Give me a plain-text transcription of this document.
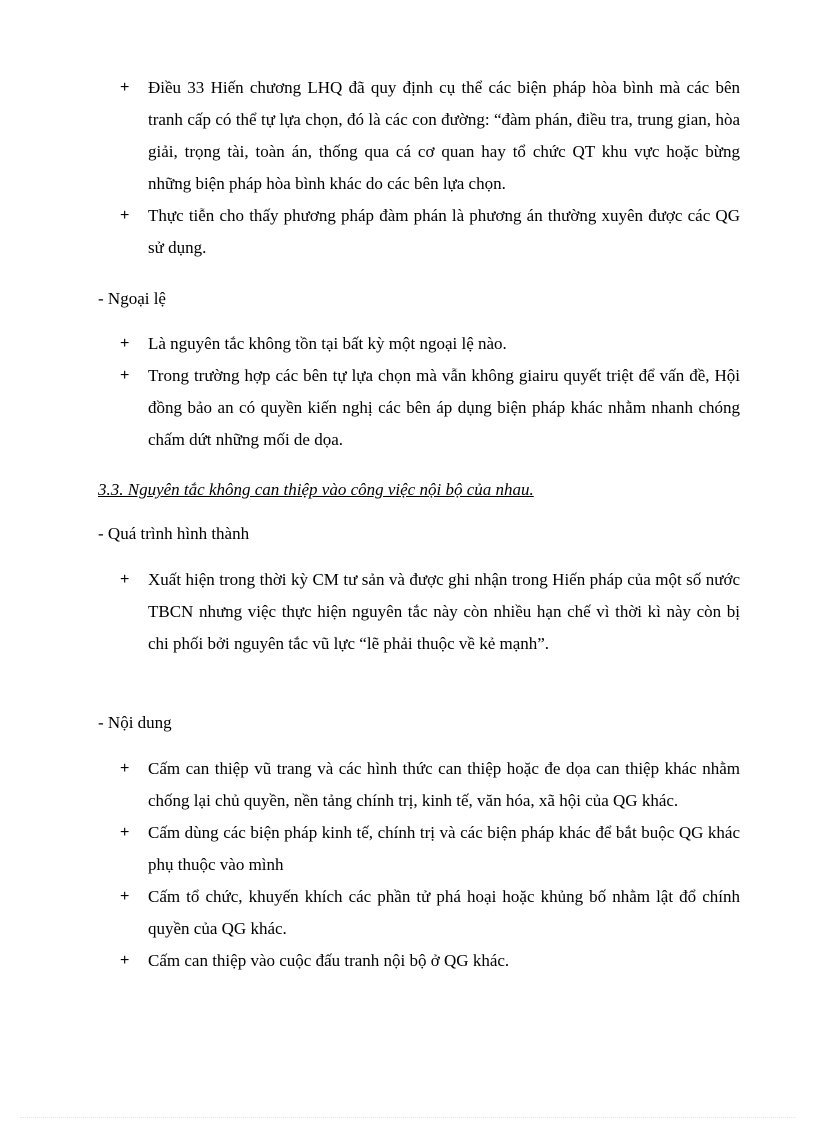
+	Điều 33 Hiến chương LHQ đã quy định cụ thể các biện pháp hòa bình mà các bên tranh cấp có thể tự lựa chọn, đó là các con đường: “đàm phán, điều tra, trung gian, hòa giải, trọng tài, toàn án, thống qua cá cơ quan hay tổ chức QT khu vực hoặc bừng những biện pháp hòa bình khác do các bên lựa chọn.
+	Thực tiễn cho thấy phương pháp đàm phán là phương án thường xuyên được các QG sử dụng.
- Ngoại lệ
+	Là nguyên tắc không tồn tại bất kỳ một ngoại lệ nào.
+	Trong trường hợp các bên tự lựa chọn mà vẫn không giairu quyết triệt để vấn đề, Hội đồng bảo an có quyền kiến nghị các bên áp dụng biện pháp khác nhằm nhanh chóng chấm dứt những mối de dọa.
3.3. Nguyên tắc không can thiệp vào công việc nội bộ của nhau.
- Quá trình hình thành
+	Xuất hiện trong thời kỳ CM tư sản và được ghi nhận trong Hiến pháp của một số nước TBCN nhưng việc thực hiện nguyên tắc này còn nhiều hạn chế vì thời kì này còn bị chi phối bởi nguyên tắc vũ lực “lẽ phải thuộc về kẻ mạnh”.
- Nội dung
+	Cấm can thiệp vũ trang và các hình thức can thiệp hoặc đe dọa can thiệp khác nhằm chống lại chủ quyền, nền tảng chính trị, kinh tế, văn hóa, xã hội của QG khác.
+	Cấm dùng các biện pháp kinh tế, chính trị và các biện pháp khác để bắt buộc QG khác phụ thuộc vào mình
+	Cấm tổ chức, khuyến khích các phần tử phá hoại hoặc khủng bố nhằm lật đổ chính quyền của QG khác.
+	Cấm can thiệp vào cuộc đấu tranh nội bộ ở QG khác.
